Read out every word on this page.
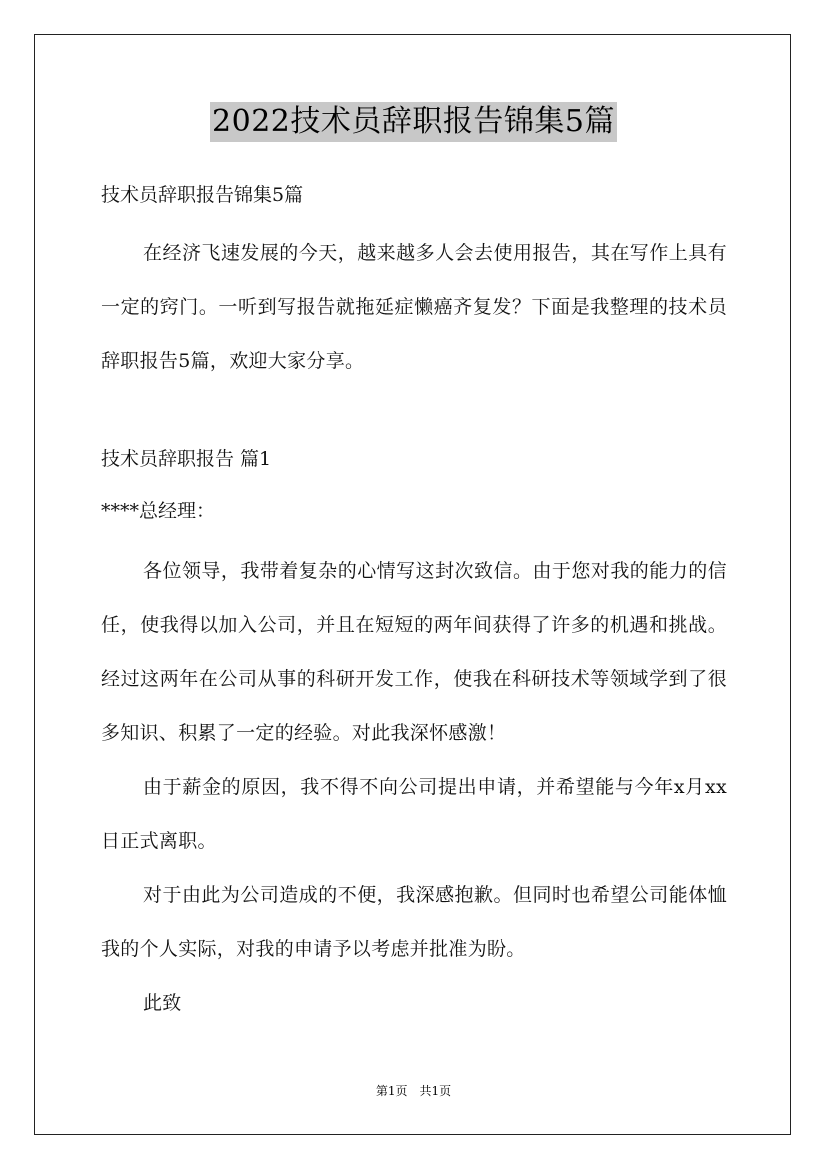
2022技术员辞职报告锦集5篇
技术员辞职报告锦集5篇

在经济飞速发展的今天，越来越多人会去使用报告，其在写作上具有一定的窍门。一听到写报告就拖延症懒癌齐复发？下面是我整理的技术员辞职报告5篇，欢迎大家分享。

技术员辞职报告 篇1
****总经理：

各位领导，我带着复杂的心情写这封次致信。由于您对我的能力的信任，使我得以加入公司，并且在短短的两年间获得了许多的机遇和挑战。经过这两年在公司从事的科研开发工作，使我在科研技术等领域学到了很多知识、积累了一定的经验。对此我深怀感激！

由于薪金的原因，我不得不向公司提出申请，并希望能与今年x月xx日正式离职。

对于由此为公司造成的不便，我深感抱歉。但同时也希望公司能体恤我的个人实际，对我的申请予以考虑并批准为盼。

此致

第1页　共1页
